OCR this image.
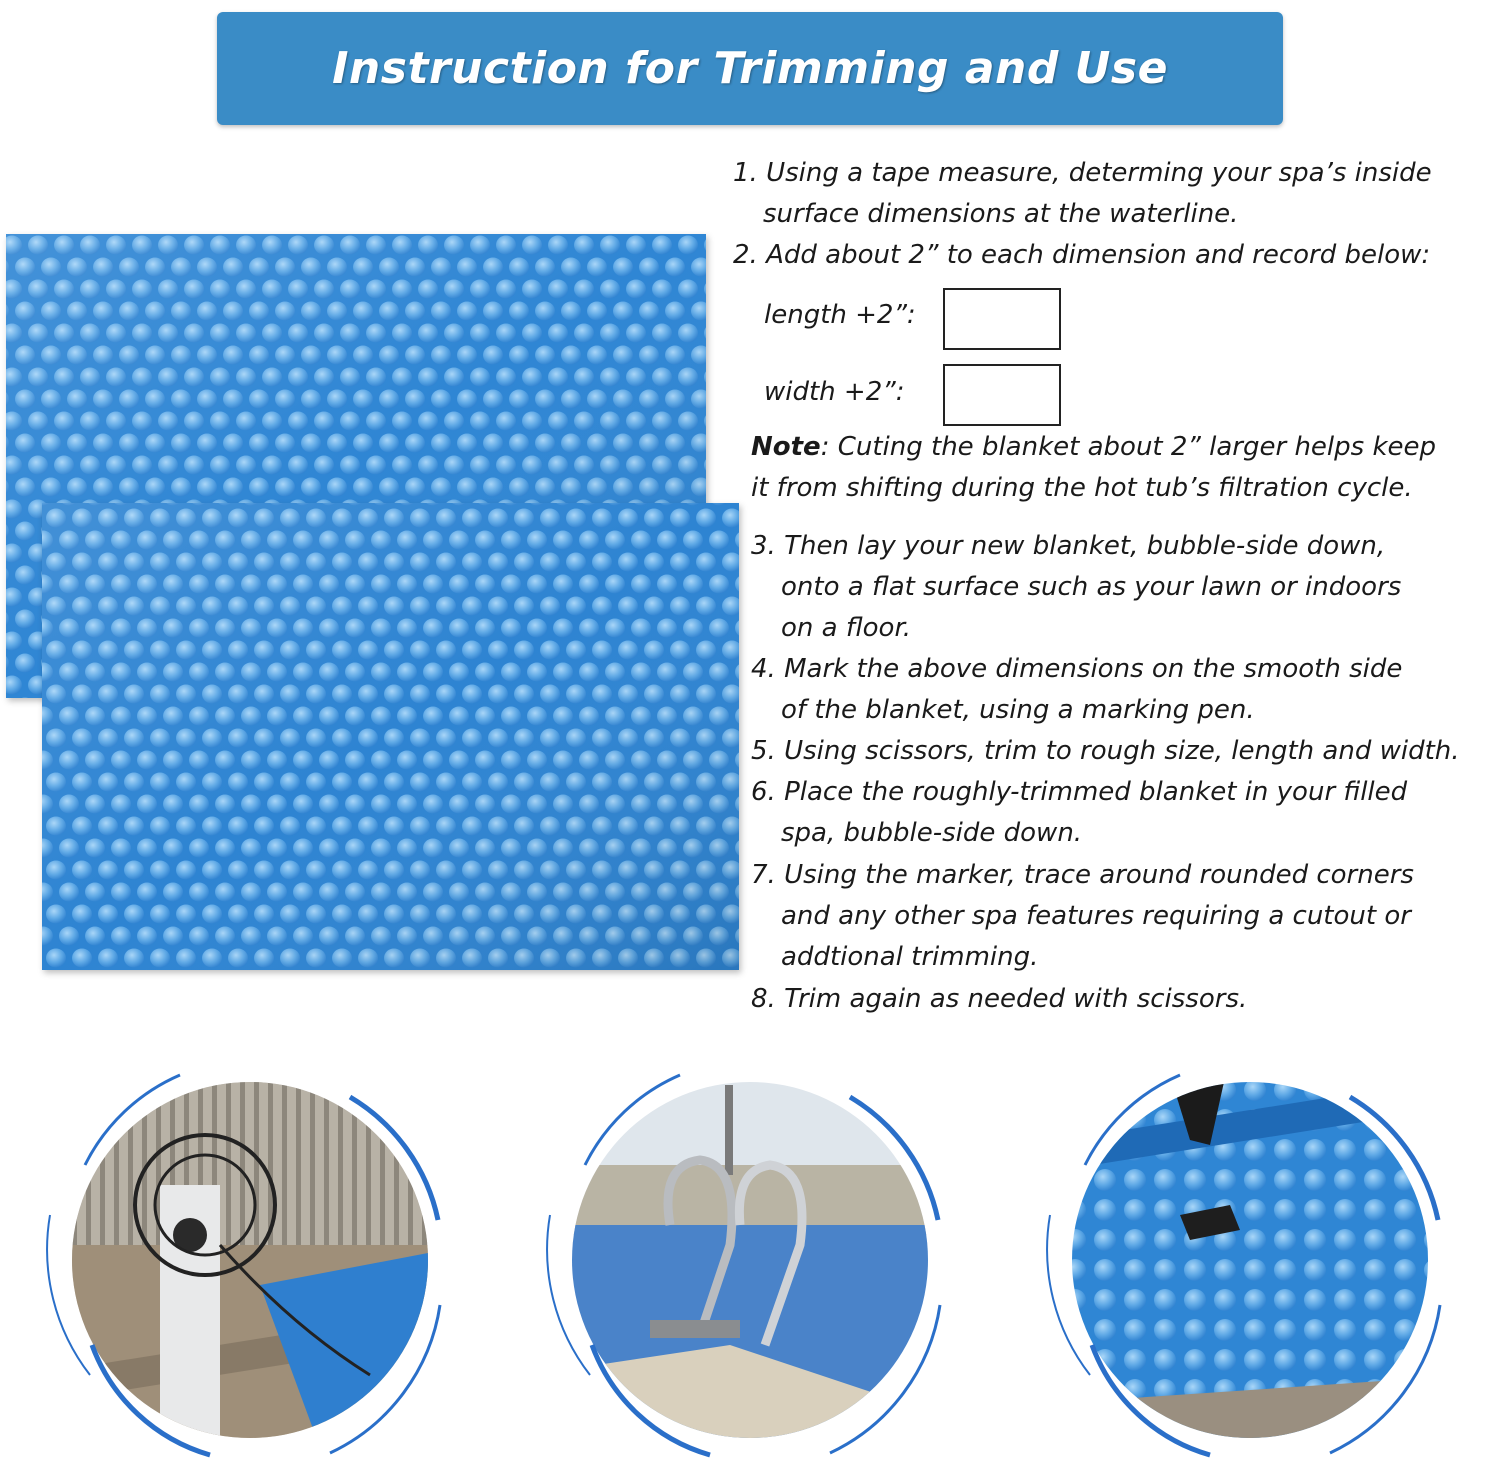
Instruction for Trimming and Use
1. Using a tape measure, determing your spa’s inside
surface dimensions at the waterline.
2. Add about 2” to each dimension and record below:
length +2”:
width +2”:
Note: Cuting the blanket about 2” larger helps keep
it from shifting during the hot tub’s filtration cycle.
3. Then lay your new blanket, bubble-side down,
onto a flat surface such as your lawn or indoors
on a floor.
4. Mark the above dimensions on the smooth side
of the blanket, using a marking pen.
5. Using scissors, trim to rough size, length and width.
6. Place the roughly-trimmed blanket in your filled
spa, bubble-side down.
7. Using the marker, trace around rounded corners
and any other spa features requiring a cutout or
addtional trimming.
8. Trim again as needed with scissors.
